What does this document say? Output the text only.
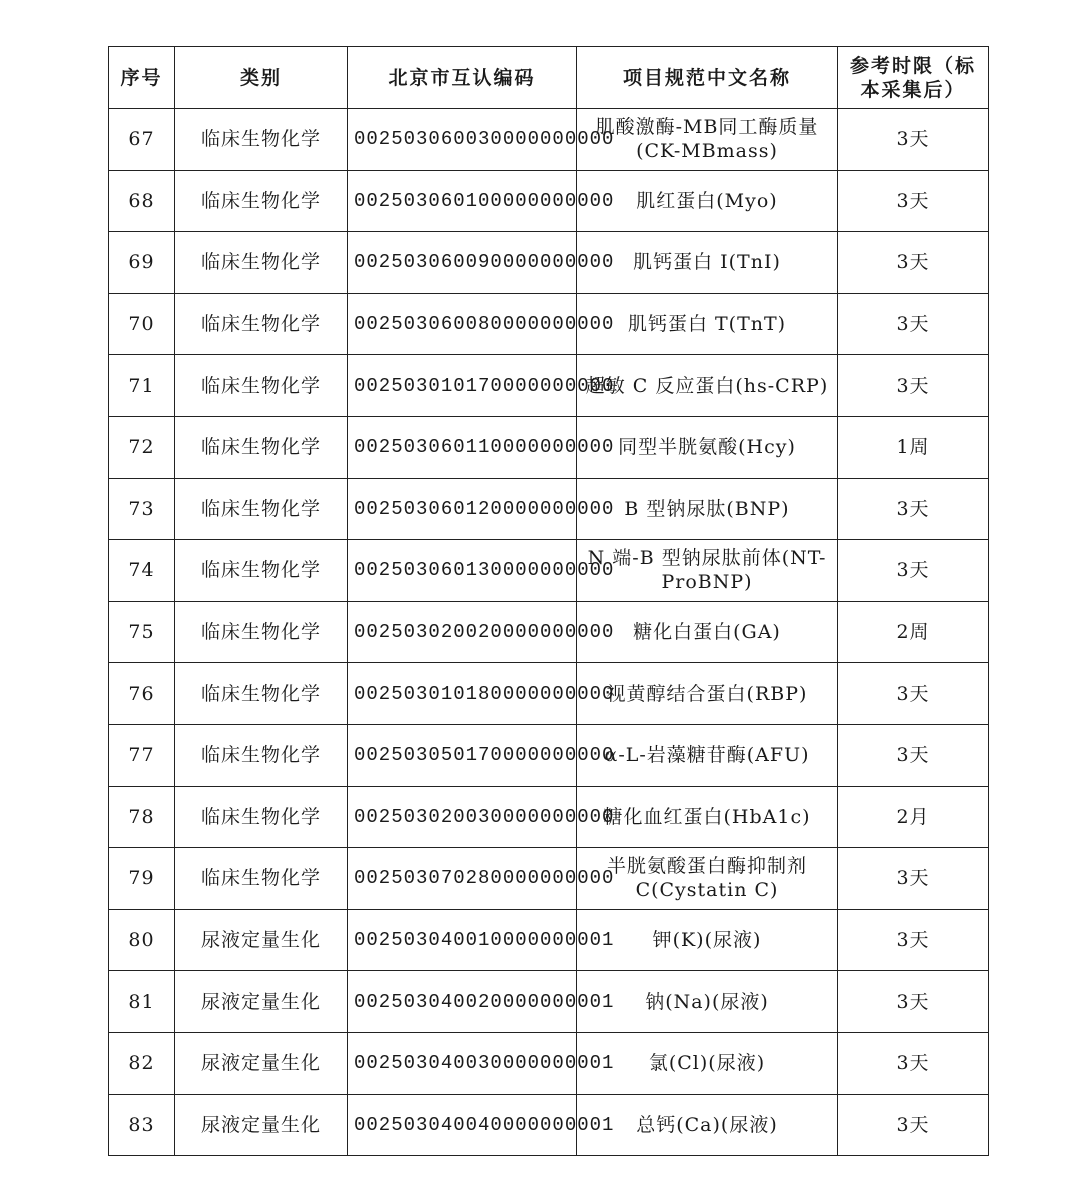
序号	类别	北京市互认编码	项目规范中文名称	参考时限（标本采集后）
67	临床生物化学	002503060030000000000	肌酸激酶-MB同工酶质量(CK-MBmass)	3天
68	临床生物化学	002503060100000000000	肌红蛋白(Myo)	3天
69	临床生物化学	002503060090000000000	肌钙蛋白 I(TnI)	3天
70	临床生物化学	002503060080000000000	肌钙蛋白 T(TnT)	3天
71	临床生物化学	002503010170000000000	超敏 C 反应蛋白(hs-CRP)	3天
72	临床生物化学	002503060110000000000	同型半胱氨酸(Hcy)	1周
73	临床生物化学	002503060120000000000	B 型钠尿肽(BNP)	3天
74	临床生物化学	002503060130000000000	N 端-B 型钠尿肽前体(NT-ProBNP)	3天
75	临床生物化学	002503020020000000000	糖化白蛋白(GA)	2周
76	临床生物化学	002503010180000000000	视黄醇结合蛋白(RBP)	3天
77	临床生物化学	002503050170000000000	α-L-岩藻糖苷酶(AFU)	3天
78	临床生物化学	002503020030000000000	糖化血红蛋白(HbA1c)	2月
79	临床生物化学	002503070280000000000	半胱氨酸蛋白酶抑制剂C(Cystatin C)	3天
80	尿液定量生化	002503040010000000001	钾(K)(尿液)	3天
81	尿液定量生化	002503040020000000001	钠(Na)(尿液)	3天
82	尿液定量生化	002503040030000000001	氯(Cl)(尿液)	3天
83	尿液定量生化	002503040040000000001	总钙(Ca)(尿液)	3天
